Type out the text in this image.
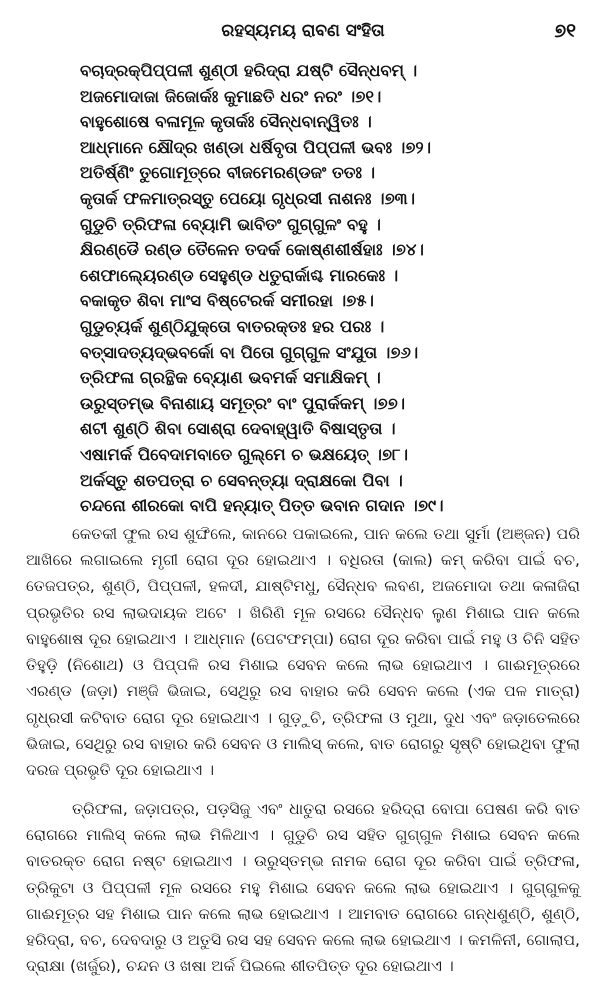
ରହସ୍ୟମୟ ରାବଣ ସଂହିତା	୭୧
ବଚାଦ୍ରକ୍‌ପିପ୍ପଳୀ ଶୁଣ୍ଠୀ ହରିଦ୍ରା ଯଷ୍ଟି ସୈନ୍ଧବମ୍ ।
ଅଜମୋଦାଜା ଜିଜୋର୍କଃ କୁମାଛତି ଧରଂ ନରଂ ।୭୧।
ବାହୁଶୋଷେ ବଳାମୂଳ କୃତାର୍କଃ ସୈନ୍ଧବାନ୍ୱିତଃ ।
ଆଧ୍ମାନେ କ୍ଷୌଦ୍ର ଖଣ୍ଡା ଧର୍ଷିବୃତା ପିପ୍ପଳୀ ଭବଃ ।୭୨।
ଅତିର୍ଷ୍ଣିଂ ତୁଗୋମୂତ୍ରେ ବୀଜମେରଣ୍ଡଜଂ ତତଃ ।
କୃତାର୍କ ଫଳମାତ୍ରସ୍ତୁ ପେୟୋ ଗୃଧ୍ରସୀ ନାଶନଃ ।୭୩।
ଗୁଡୁଚି ତ୍ରିଫଳା ବ୍ୟୋମି ଭାବିତଂ ଗୁଗ୍‌ଗୁଳଂ ବହୁ ।
କ୍ଷିରଣ୍ଡୈ ରଣ୍ଡ ତୈଳେନ ତଦର୍କ କୋଷ୍ଣଶୀର୍ଷହାଃ ।୭୪।
ଶେଫାଲ୍ୟେରଣ୍ଡ ସେହୁଣ୍ଡ ଧତୁରାର୍କାଶ୍ଚ ମାରକେଃ ।
ବକାକୃତ ଶିବା ମାଂସ ବିଷ୍ଟେରର୍କ ସମୀରହା ।୭୫।
ଗୁଡୁଚ୍ୟର୍କ ଶୁଣ୍ଠିଯୁକ୍ତୋ ବାତରକ୍ତଃ ହର ପରଃ ।
ବତ୍‌ସାଦତ୍ୟଦ୍‌ଭବର୍କୋ ବା ପିତୋ ଗୁଗ୍‌ଗୁଳ ସଂଯୁତା ।୭୬।
ତ୍ରିଫଳା ଗ୍ରନ୍ଥିକ ବ୍ୟୋଣ ଭବମର୍କ ସମାକ୍ଷିକମ୍ ।
ଉରୁସ୍ତମ୍ଭ ବିନାଶାୟ ସମୂତ୍ରଂ ବାଂ ପୁରାର୍କକମ୍ ।୭୭।
ଶଟୀ ଶୁଣ୍ଠି ଶିବା ସୋଶ୍ରା ଦେବାହ୍ୱାତି ବିଷାସ୍ତୃତା ।
ଏଷାମର୍କ ପିବେଦାମବାତେ ଗୁଲ୍ମେ ଚ ଭକ୍ଷୟେତ୍ ।୭୮।
ଅର୍କସ୍ତୁ ଶତପତ୍ରା ଚ ସେବନ୍ତ୍ୟା ଦ୍ରାକ୍ଷକୋ ପିବା ।
ଚନ୍ଦନୋ ଶୀରକୋ ବାପି ହନ୍ୟାତ୍ ପିତ୍ତ ଭବାନ ଗଦାନ ।୭୯।

କେତକୀ ଫୁଲ ରସ ଶୁଙ୍ଘିଲେ, କାନରେ ପକାଇଲେ, ପାନ କଲେ ତଥା ସୁର୍ମା (ଅଞ୍ଜନ) ପରି ଆଖିରେ ଲଗାଇଲେ ମୃଗୀ ରୋଗ ଦୂର ହୋଇଥାଏ । ବଧିରତା (କାଲ) କମ୍ କରିବା ପାଇଁ ବଚ, ତେଜପତ୍ର, ଶୁଣ୍ଠି, ପିପ୍ପଳୀ, ହଳଦୀ, ଯାଷ୍ଟିମଧୁ, ସୈନ୍ଧବ ଲବଣ, ଅଜମୋଦା ତଥା କଳାଜିରା ପ୍ରଭୃତିର ରସ ଲାଭଦାୟକ ଅଟେ । ଖିରିଣି ମୂଳ ରସରେ ସୈନ୍ଧବ ଲୁଣ ମିଶାଇ ପାନ କଲେ ବାହୁଶୋଷ ଦୂର ହୋଇଥାଏ । ଆଧ୍ମାନ (ପେଟଫମ୍ପା) ରୋଗ ଦୂର କରିବା ପାଇଁ ମହୁ ଓ ଚିନି ସହିତ ତିହୁଡ଼ି (ନିଶୋଥ) ଓ ପିପ୍ପଳି ରସ ମିଶାଇ ସେବନ କଲେ ଲାଭ ହୋଇଥାଏ । ଗାଈମୂତ୍ରରେ ଏରଣ୍ଡ (ଜଡ଼ା) ମଞ୍ଜି ଭିଜାଇ, ସେଥିରୁ ରସ ବାହାର କରି ସେବନ କଲେ (ଏକ ପଳ ମାତ୍ରା) ଗୃଧ୍ରସୀ କଟିବାତ ରୋଗ ଦୂର ହୋଇଥାଏ । ଗୁଡ଼ୁଚି, ତ୍ରିଫଳା ଓ ମୁଥା, ଦୁଧ ଏବଂ ଜଡ଼ାତେଲରେ ଭିଜାଇ, ସେଥିରୁ ରସ ବାହାର କରି ସେବନ ଓ ମାଲିସ୍ କଲେ, ବାତ ରୋଗରୁ ସୃଷ୍ଟି ହୋଇଥିବା ଫୁଲା ଦରଜ ପ୍ରଭୃତି ଦୂର ହୋଇଥାଏ ।

ତ୍ରିଫଳା, ଜଡ଼ାପତ୍ର, ପଡ଼ସିଜୁ ଏବଂ ଧାତୁରା ରସରେ ହରିଦ୍ରା ବୋପା ପେଷଣ କରି ବାତ ରୋଗରେ ମାଲିସ୍ କଲେ ଲାଭ ମିଳିଥାଏ । ଗୁଡୁଚି ରସ ସହିତ ଗୁଗ୍‌ଗୁଳ ମିଶାଇ ସେବନ କଲେ ବାତରକ୍ତ ରୋଗ ନଷ୍ଟ ହୋଇଥାଏ । ଉରୁସ୍ତମ୍ଭ ନାମକ ରୋଗ ଦୂର କରିବା ପାଇଁ ତ୍ରିଫଳା, ତ୍ରିକୁଟା ଓ ପିପ୍ପଳୀ ମୂଳ ରସରେ ମହୁ ମିଶାଇ ସେବନ କଲେ ଲାଭ ହୋଇଥାଏ । ଗୁଗ୍‌ଗୁଳକୁ ଗାଈମୂତ୍ର ସହ ମିଶାଇ ପାନ କଲେ ଲାଭ ହୋଇଥାଏ । ଆମବାତ ରୋଗରେ ଗନ୍ଧଶୁଣ୍ଠି, ଶୁଣ୍ଠି, ହରିଦ୍ରା, ବଚ, ଦେବଦାରୁ ଓ ଅତୁସି ରସ ସହ ସେବନ କଲେ ଲାଭ ହୋଇଥାଏ । କମଳିନୀ, ଗୋଲାପ, ଦ୍ରାକ୍ଷା (ଖର୍ଜୁର), ଚନ୍ଦନ ଓ ଖଷା ଅର୍କ ପିଇଲେ ଶୀତପିତ୍ତ ଦୂର ହୋଇଥାଏ ।
